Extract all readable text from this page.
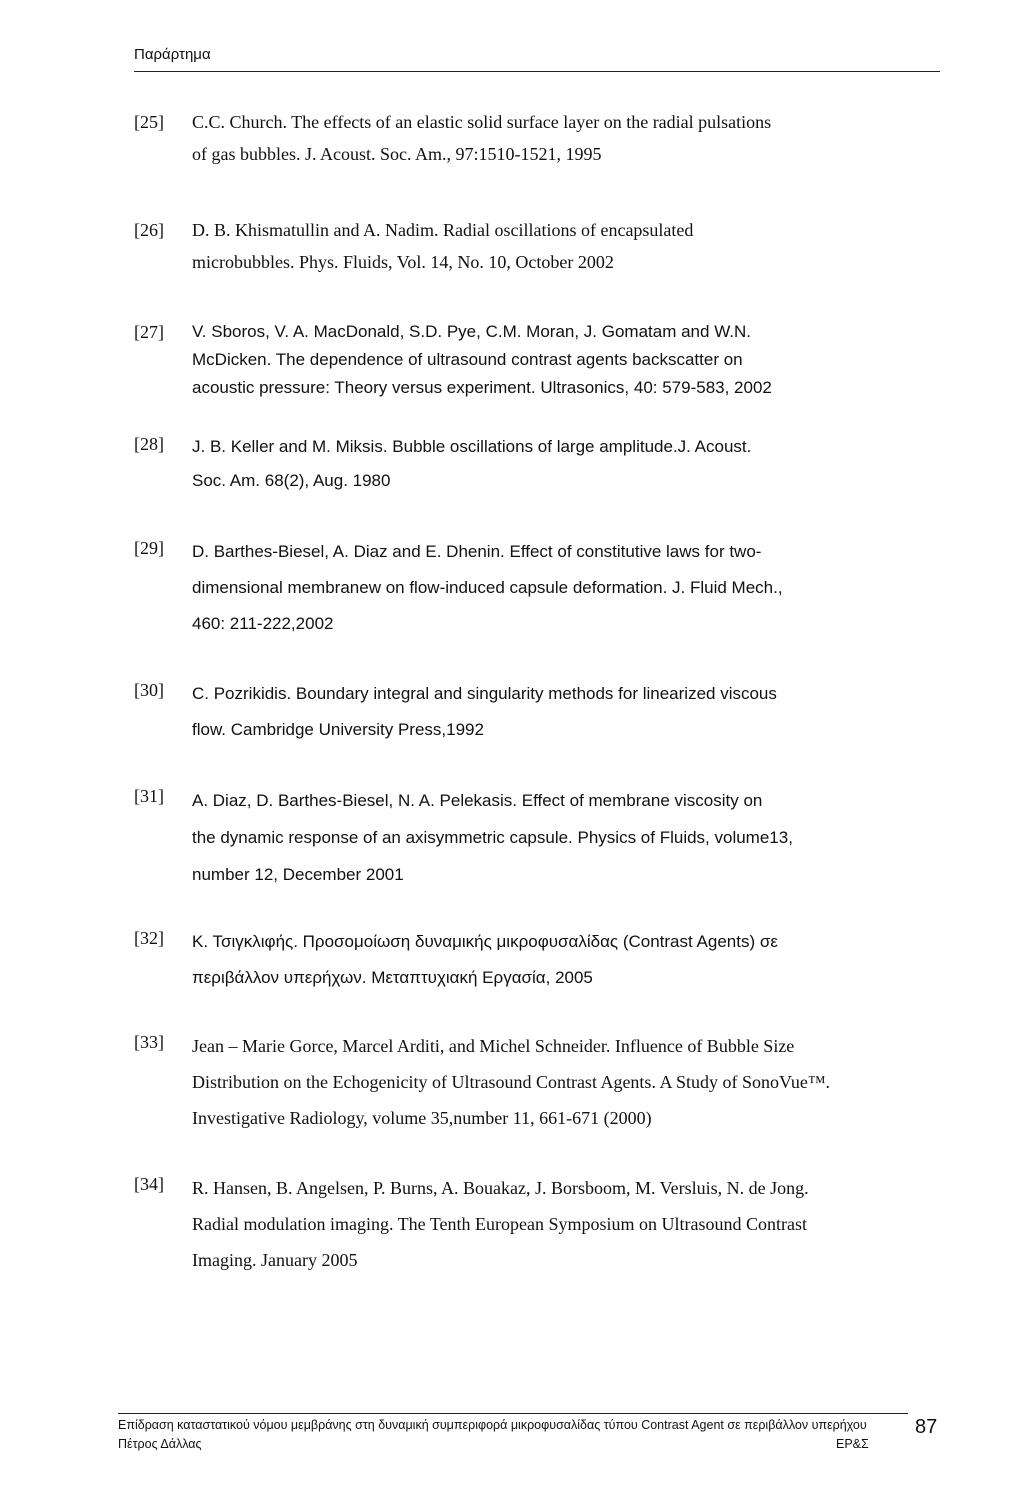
Παράρτημα
[25] C.C. Church. The effects of an elastic solid surface layer on the radial pulsations
of gas bubbles. J. Acoust. Soc. Am., 97:1510-1521, 1995
[26] D. B. Khismatullin and A. Nadim. Radial oscillations of encapsulated
microbubbles. Phys. Fluids, Vol. 14, No. 10, October 2002
[27] V. Sboros, V. A. MacDonald, S.D. Pye, C.M. Moran, J. Gomatam and W.N.
McDicken. The dependence of ultrasound contrast agents backscatter on
acoustic pressure: Theory versus experiment. Ultrasonics, 40: 579-583, 2002
[28] J. B. Keller and M. Miksis. Bubble oscillations of large amplitude.J. Acoust.
Soc. Am. 68(2), Aug. 1980
[29] D. Barthes-Biesel, A. Diaz and E. Dhenin. Effect of constitutive laws for two-
dimensional membranew on flow-induced capsule deformation. J. Fluid Mech.,
460: 211-222,2002
[30] C. Pozrikidis. Boundary integral and singularity methods for linearized viscous
flow. Cambridge University Press,1992
[31] A. Diaz, D. Barthes-Biesel, N. A. Pelekasis. Effect of membrane viscosity on
the dynamic response of an axisymmetric capsule. Physics of Fluids, volume13,
number 12, December 2001
[32] Κ. Τσιγκλιφής. Προσομοίωση δυναμικής μικροφυσαλίδας (Contrast Agents) σε
περιβάλλον υπερήχων. Μεταπτυχιακή Εργασία, 2005
[33] Jean – Marie Gorce, Marcel Arditi, and Michel Schneider. Influence of Bubble Size
Distribution on the Echogenicity of Ultrasound Contrast Agents. A Study of SonoVue™.
Investigative Radiology, volume 35,number 11, 661-671 (2000)
[34] R. Hansen, B. Angelsen, P. Burns, A. Bouakaz, J. Borsboom, M. Versluis, N. de Jong.
Radial modulation imaging. The Tenth European Symposium on Ultrasound Contrast
Imaging. January 2005
Επίδραση καταστατικού νόμου μεμβράνης στη δυναμική συμπεριφορά μικροφυσαλίδας τύπου Contrast Agent σε περιβάλλον υπερήχου
Πέτρος Δάλλας	ΕΡ&Σ
87
